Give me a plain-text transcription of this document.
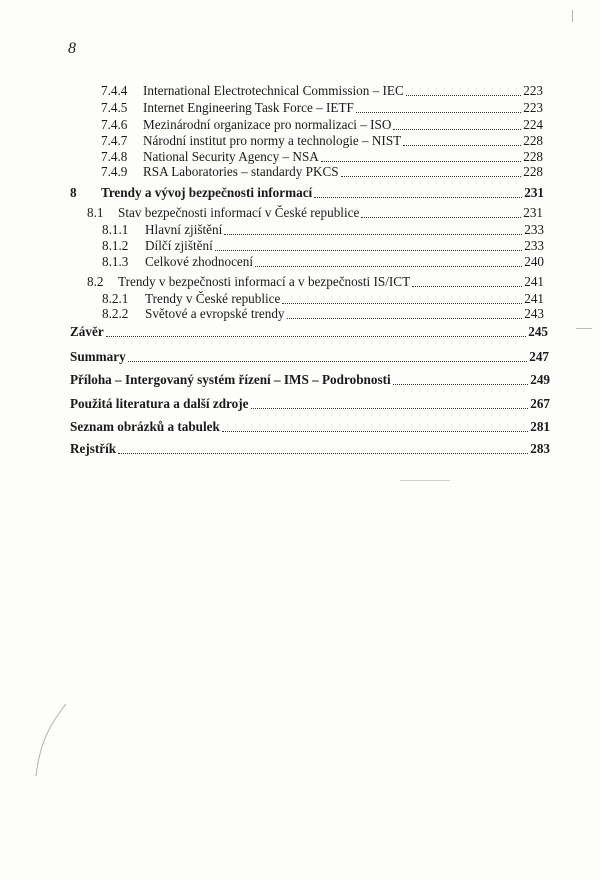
8
7.4.4 International Electrotechnical Commission – IEC	223
7.4.5 Internet Engineering Task Force – IETF	223
7.4.6 Mezinárodní organizace pro normalizaci – ISO	224
7.4.7 Národní institut pro normy a technologie – NIST	228
7.4.8 National Security Agency – NSA	228
7.4.9 RSA Laboratories – standardy PKCS	228
8 Trendy a vývoj bezpečnosti informací	231
8.1 Stav bezpečnosti informací v České republice	231
8.1.1 Hlavní zjištění	233
8.1.2 Dílčí zjištění	233
8.1.3 Celkové zhodnocení	240
8.2 Trendy v bezpečnosti informací a v bezpečnosti IS/ICT	241
8.2.1 Trendy v České republice	241
8.2.2 Světové a evropské trendy	243
Závěr	245
Summary	247
Příloha – Intergovaný systém řízení – IMS – Podrobnosti	249
Použitá literatura a další zdroje	267
Seznam obrázků a tabulek	281
Rejstřík	283
